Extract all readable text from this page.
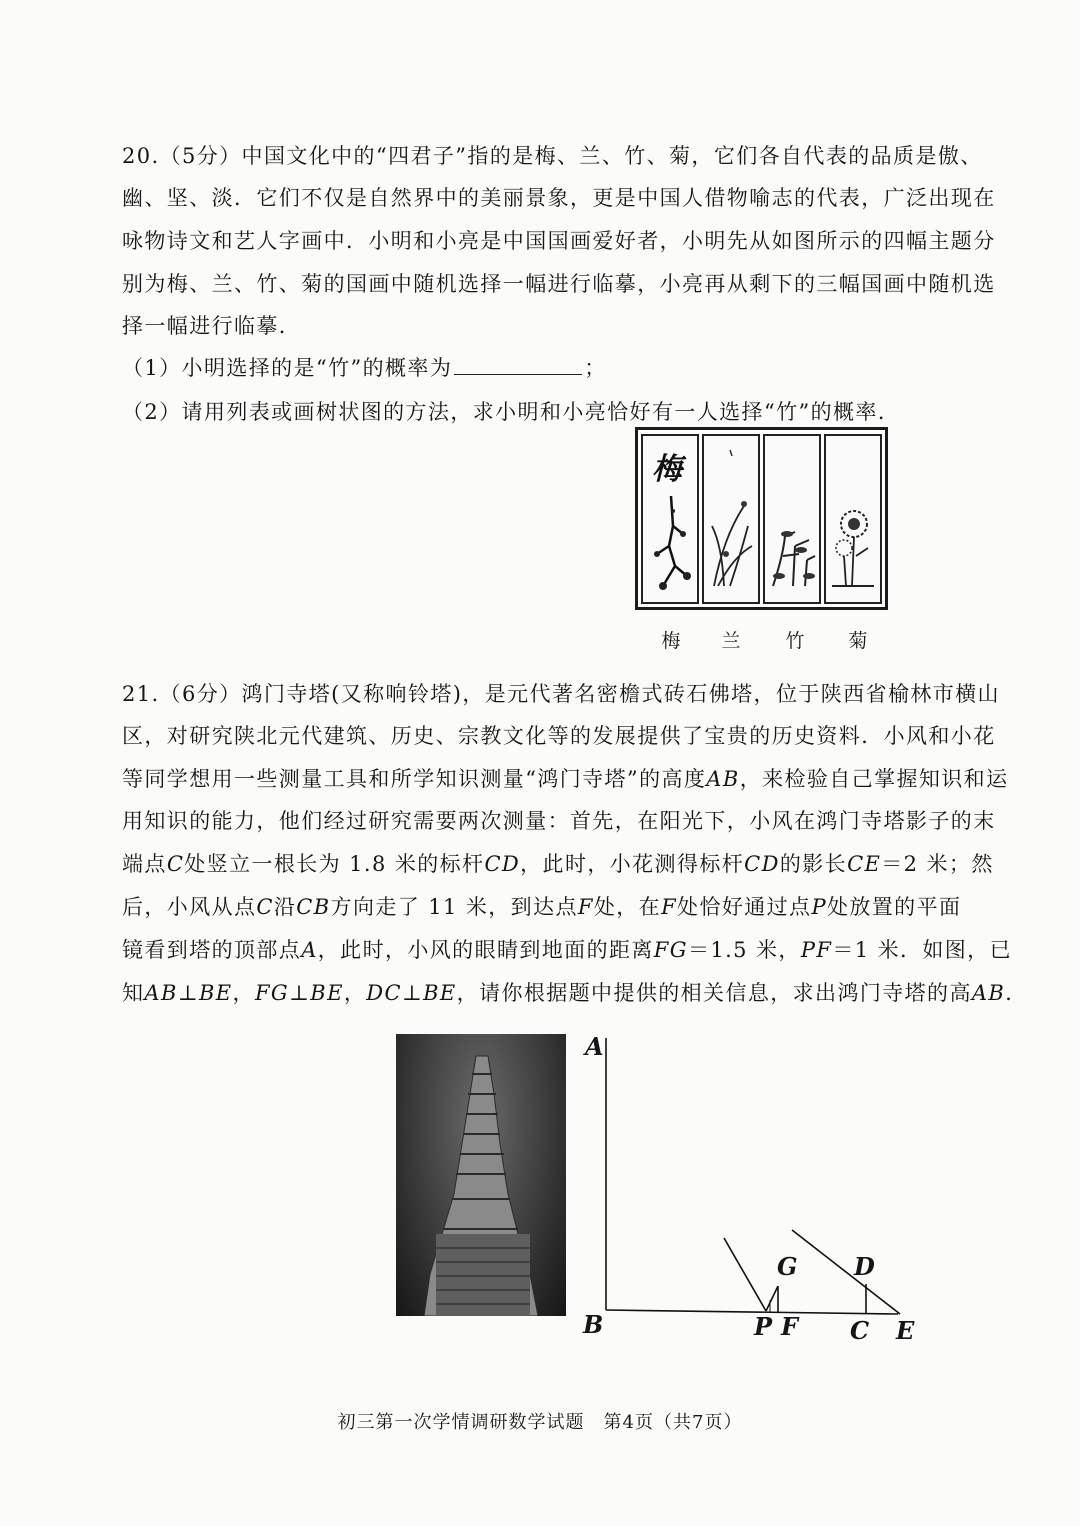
20.（5分）中国文化中的“四君子”指的是梅、兰、竹、菊，它们各自代表的品质是傲、
幽、坚、淡．它们不仅是自然界中的美丽景象，更是中国人借物喻志的代表，广泛出现在
咏物诗文和艺人字画中．小明和小亮是中国国画爱好者，小明先从如图所示的四幅主题分
别为梅、兰、竹、菊的国画中随机选择一幅进行临摹，小亮再从剩下的三幅国画中随机选
择一幅进行临摹．
（1）小明选择的是“竹”的概率为	；
（2）请用列表或画树状图的方法，求小明和小亮恰好有一人选择“竹”的概率．
梅
梅 兰 竹 菊
21.（6分）鸿门寺塔(又称响铃塔)，是元代著名密檐式砖石佛塔，位于陕西省榆林市横山
区，对研究陕北元代建筑、历史、宗教文化等的发展提供了宝贵的历史资料．小风和小花
等同学想用一些测量工具和所学知识测量“鸿门寺塔”的高度AB，来检验自己掌握知识和运
用知识的能力，他们经过研究需要两次测量：首先，在阳光下，小风在鸿门寺塔影子的末
端点C处竖立一根长为 1.8 米的标杆CD，此时，小花测得标杆CD的影长CE＝2 米；然
后，小风从点C沿CB方向走了 11 米，到达点F处，在F处恰好通过点P处放置的平面
镜看到塔的顶部点A，此时，小风的眼睛到地面的距离FG＝1.5 米，PF＝1 米．如图，已
知AB⊥BE，FG⊥BE，DC⊥BE，请你根据题中提供的相关信息，求出鸿门寺塔的高AB．
A
B	P F C E
G D
初三第一次学情调研数学试题　第4页（共7页）
